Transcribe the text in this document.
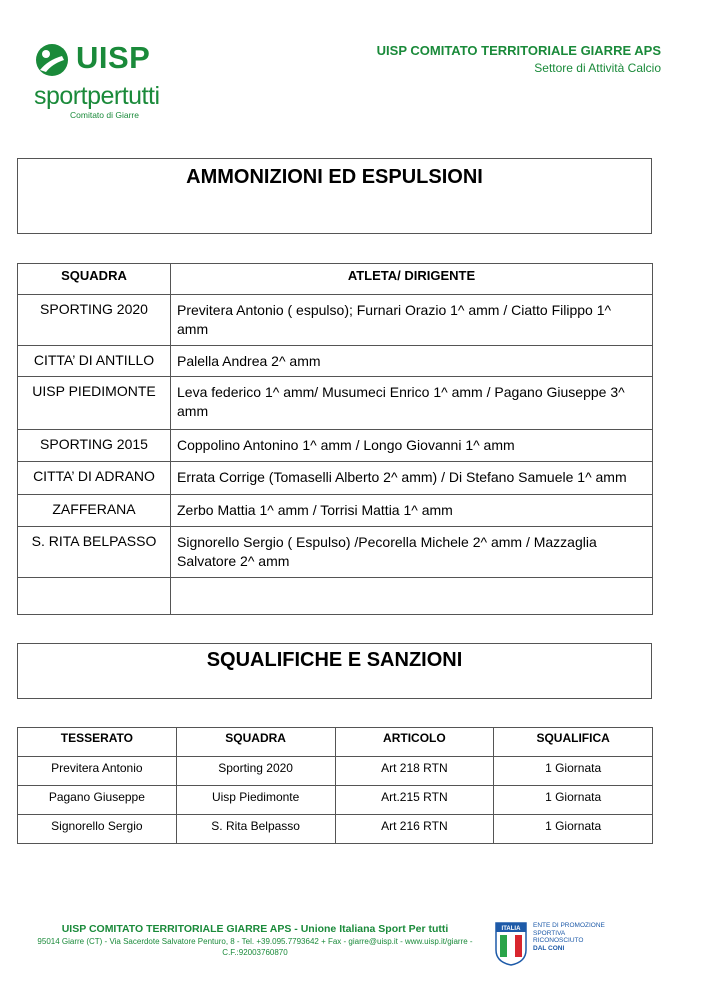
UISP
sportpertutti
Comitato di Giarre
UISP COMITATO TERRITORIALE GIARRE APS
Settore di Attività Calcio
AMMONIZIONI ED ESPULSIONI
SQUADRA	ATLETA/ DIRIGENTE
SPORTING 2020	Previtera Antonio ( espulso); Furnari Orazio 1^ amm / Ciatto Filippo 1^ amm
CITTA’ DI ANTILLO	Palella Andrea 2^ amm
UISP PIEDIMONTE	Leva federico 1^ amm/ Musumeci Enrico 1^ amm / Pagano Giuseppe 3^ amm
SPORTING 2015	Coppolino Antonino 1^ amm / Longo Giovanni 1^ amm
CITTA’ DI ADRANO	Errata Corrige (Tomaselli Alberto 2^ amm) / Di Stefano Samuele 1^ amm
ZAFFERANA	Zerbo Mattia 1^ amm / Torrisi Mattia 1^ amm
S. RITA BELPASSO	Signorello Sergio ( Espulso) /Pecorella Michele 2^ amm / Mazzaglia Salvatore 2^ amm

SQUALIFICHE E SANZIONI
TESSERATO	SQUADRA	ARTICOLO	SQUALIFICA
Previtera Antonio	Sporting 2020	Art 218 RTN	1 Giornata
Pagano Giuseppe	Uisp Piedimonte	Art.215 RTN	1 Giornata
Signorello Sergio	S. Rita Belpasso	Art 216 RTN	1 Giornata
UISP COMITATO TERRITORIALE GIARRE APS - Unione Italiana Sport Per tutti
95014 Giarre (CT) - Via Sacerdote Salvatore Penturo, 8 - Tel. +39.095.7793642 + Fax - giarre@uisp.it - www.uisp.it/giarre -
C.F.:92003760870
ITALIA ENTE DI PROMOZIONE
SPORTIVA
RICONOSCIUTO
DAL CONI
